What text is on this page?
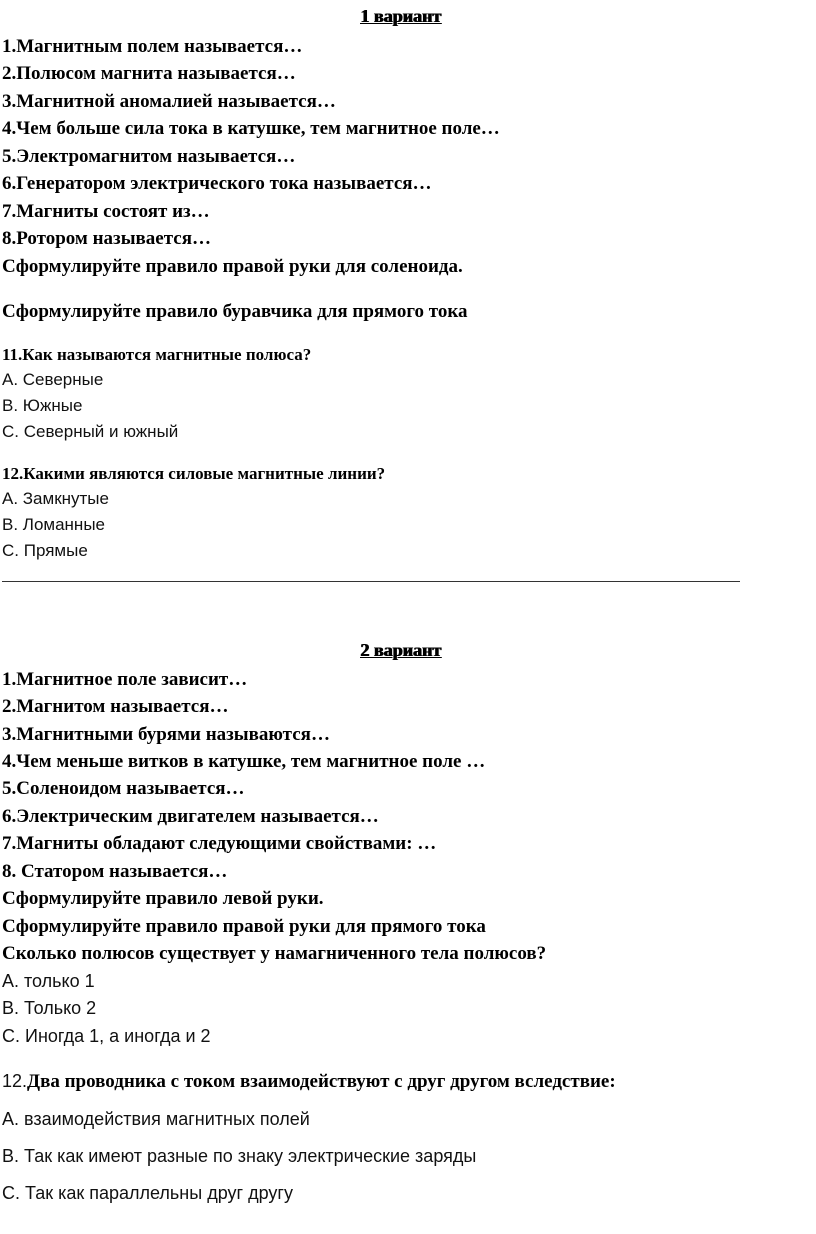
1 вариант
1.Магнитным полем называется…
2.Полюсом магнита называется…
3.Магнитной аномалией называется…
4.Чем больше сила тока в катушке, тем магнитное поле…
5.Электромагнитом называется…
6.Генератором электрического тока называется…
7.Магниты состоят из…
8.Ротором называется…
Сформулируйте правило правой руки для соленоида.
Сформулируйте правило буравчика для прямого тока
11.Как называются магнитные полюса?
А. Северные
В. Южные
С. Северный и южный
12.Какими являются силовые магнитные линии?
А. Замкнутые
В. Ломанные
С. Прямые
2 вариант
1.Магнитное поле зависит…
2.Магнитом называется…
3.Магнитными бурями называются…
4.Чем меньше витков в катушке, тем магнитное поле …
5.Соленоидом называется…
6.Электрическим двигателем называется…
7.Магниты обладают следующими свойствами: …
8. Статором называется…
Сформулируйте правило левой руки.
Сформулируйте правило правой руки для прямого тока
Сколько полюсов существует у намагниченного тела полюсов?
А. только 1
В. Только 2
С. Иногда 1, а иногда и 2
12.Два проводника с током взаимодействуют с друг другом вследствие:
А. взаимодействия магнитных полей
В. Так как имеют разные по знаку электрические заряды
С. Так как параллельны друг другу
